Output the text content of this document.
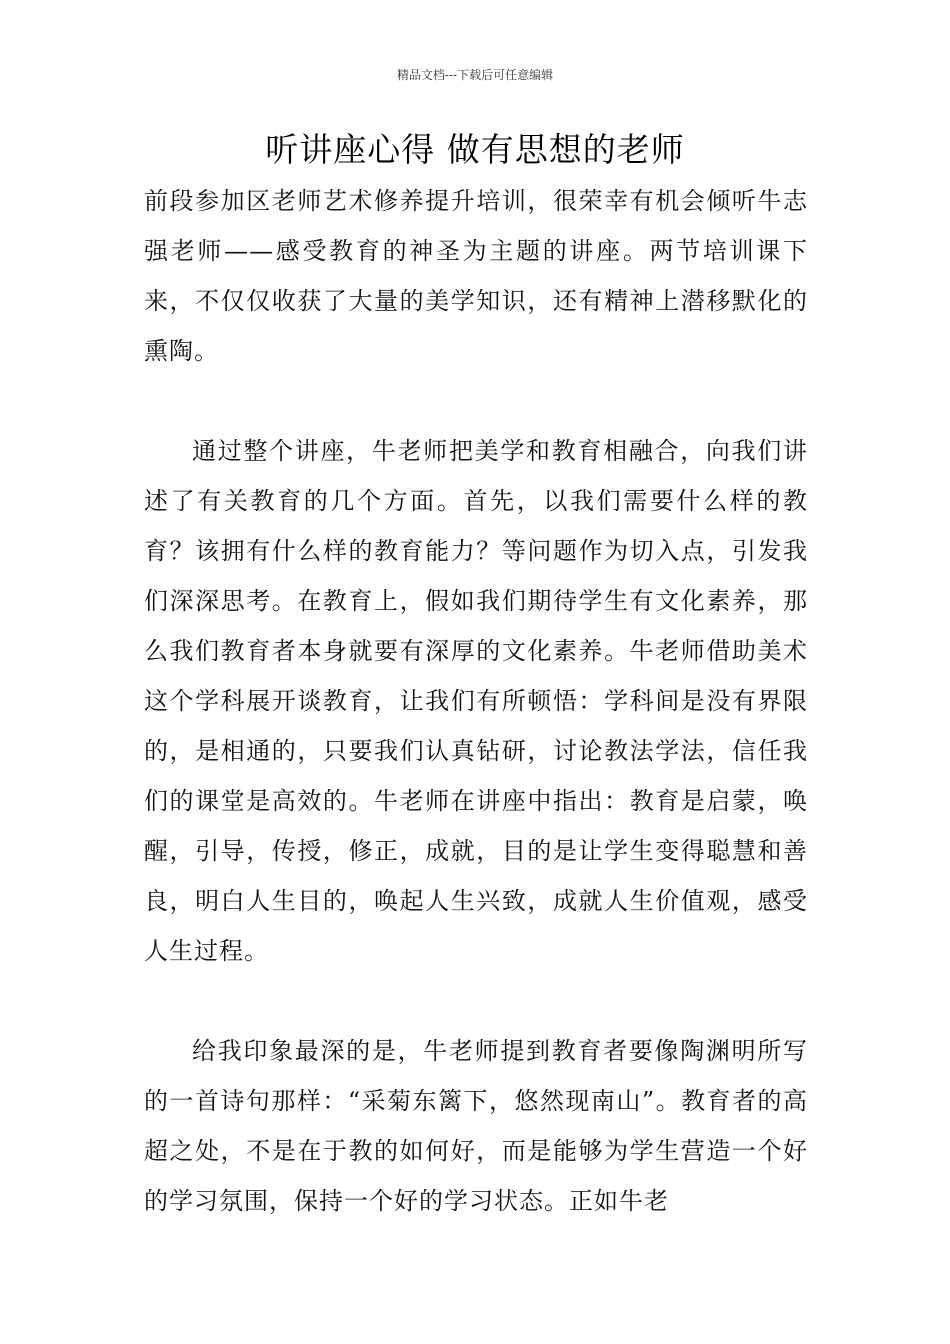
精品文档---下载后可任意编辑
听讲座心得 做有思想的老师

前段参加区老师艺术修养提升培训，很荣幸有机会倾听牛志强老师——感受教育的神圣为主题的讲座。两节培训课下来，不仅仅收获了大量的美学知识，还有精神上潜移默化的熏陶。

通过整个讲座，牛老师把美学和教育相融合，向我们讲述了有关教育的几个方面。首先，以我们需要什么样的教育？该拥有什么样的教育能力？等问题作为切入点，引发我们深深思考。在教育上，假如我们期待学生有文化素养，那么我们教育者本身就要有深厚的文化素养。牛老师借助美术这个学科展开谈教育，让我们有所顿悟：学科间是没有界限的，是相通的，只要我们认真钻研，讨论教法学法，信任我们的课堂是高效的。牛老师在讲座中指出：教育是启蒙，唤醒，引导，传授，修正，成就，目的是让学生变得聪慧和善良，明白人生目的，唤起人生兴致，成就人生价值观，感受人生过程。

给我印象最深的是，牛老师提到教育者要像陶渊明所写的一首诗句那样：“采菊东篱下，悠然现南山”。教育者的高超之处，不是在于教的如何好，而是能够为学生营造一个好的学习氛围，保持一个好的学习状态。正如牛老
